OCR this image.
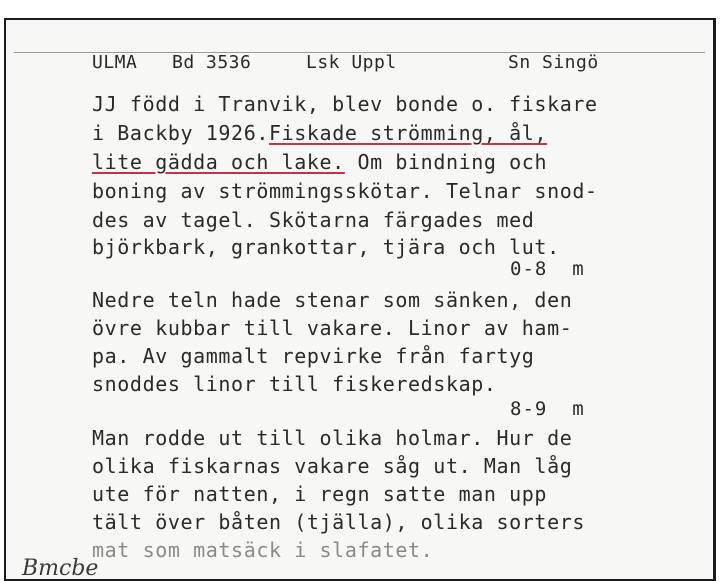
ULMA

Bd 3536

	Lsk Uppl

	Sn Singö

JJ född i Tranvik, blev bonde o. fiskare
i Backby 1926.Fiskade strömming, ål,
lite gädda och lake. Om bindning och
boning av strömmingsskötar. Telnar snod-
des av tagel. Skötarna färgades med
björkbark, grankottar, tjära och lut.
0-8  m
Nedre teln hade stenar som sänken, den
övre kubbar till vakare. Linor av ham-
pa. Av gammalt repvirke från fartyg
snoddes linor till fiskeredskap.
8-9  m
Man rodde ut till olika holmar. Hur de
olika fiskarnas vakare såg ut. Man låg
ute för natten, i regn satte man upp
tält över båten (tjälla), olika sorters
mat som matsäck i slafatet.
Bmcbe
